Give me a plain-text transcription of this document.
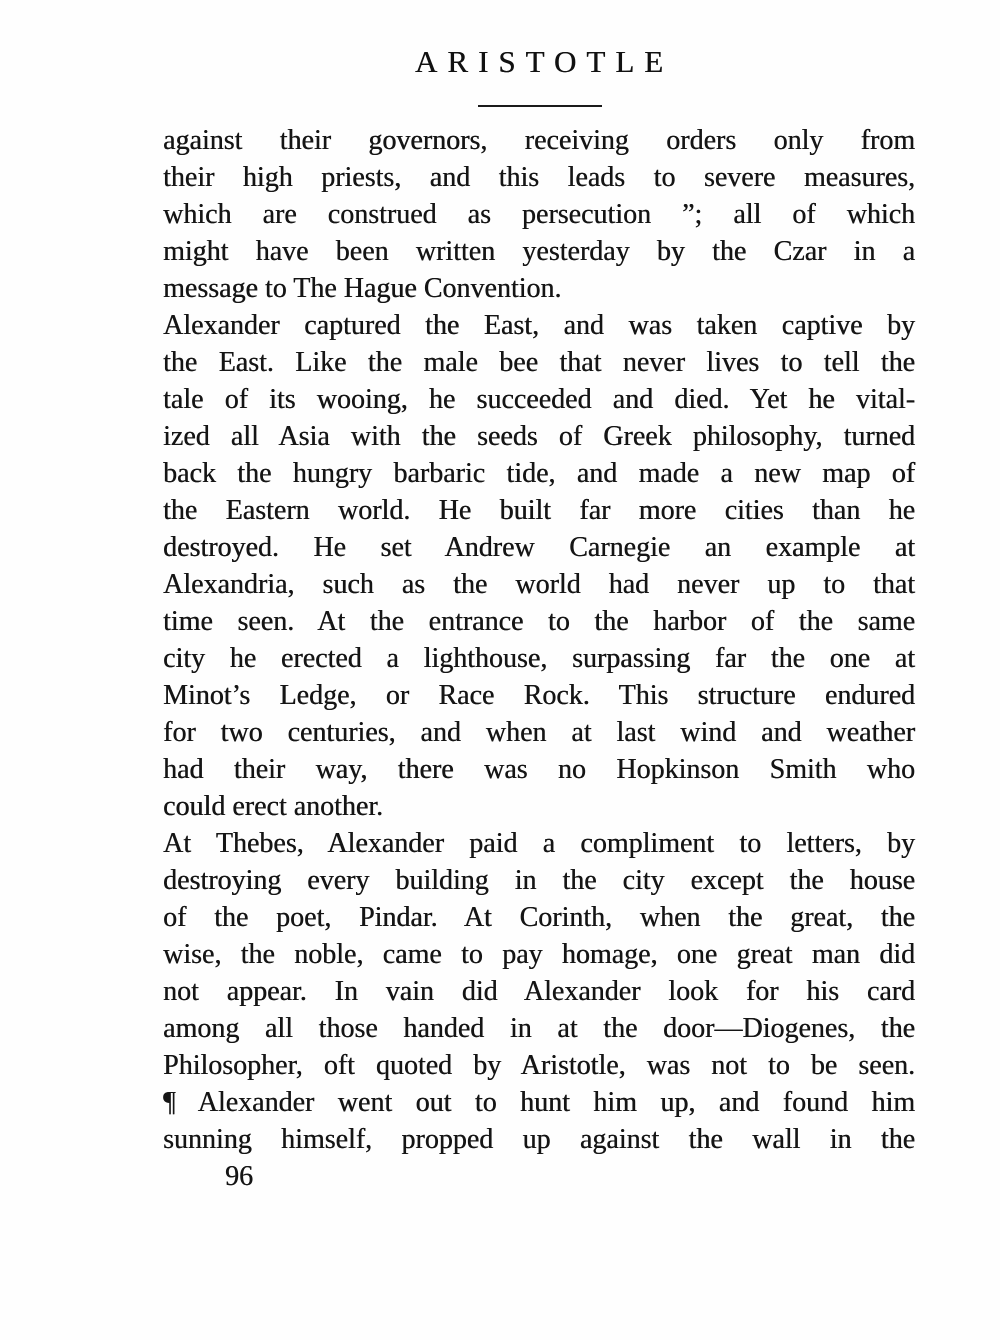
ARISTOTLE
against their governors, receiving orders only from
their high priests, and this leads to severe measures,
which are construed as persecution ”; all of which
might have been written yesterday by the Czar in a
message to The Hague Convention.
Alexander captured the East, and was taken captive by
the East. Like the male bee that never lives to tell the
tale of its wooing, he succeeded and died. Yet he vital-
ized all Asia with the seeds of Greek philosophy, turned
back the hungry barbaric tide, and made a new map of
the Eastern world. He built far more cities than he
destroyed. He set Andrew Carnegie an example at
Alexandria, such as the world had never up to that
time seen. At the entrance to the harbor of the same
city he erected a lighthouse, surpassing far the one at
Minot’s Ledge, or Race Rock. This structure endured
for two centuries, and when at last wind and weather
had their way, there was no Hopkinson Smith who
could erect another.
At Thebes, Alexander paid a compliment to letters, by
destroying every building in the city except the house
of the poet, Pindar. At Corinth, when the great, the
wise, the noble, came to pay homage, one great man did
not appear. In vain did Alexander look for his card
among all those handed in at the door—Diogenes, the
Philosopher, oft quoted by Aristotle, was not to be seen.
¶ Alexander went out to hunt him up, and found him
sunning himself, propped up against the wall in the
96
